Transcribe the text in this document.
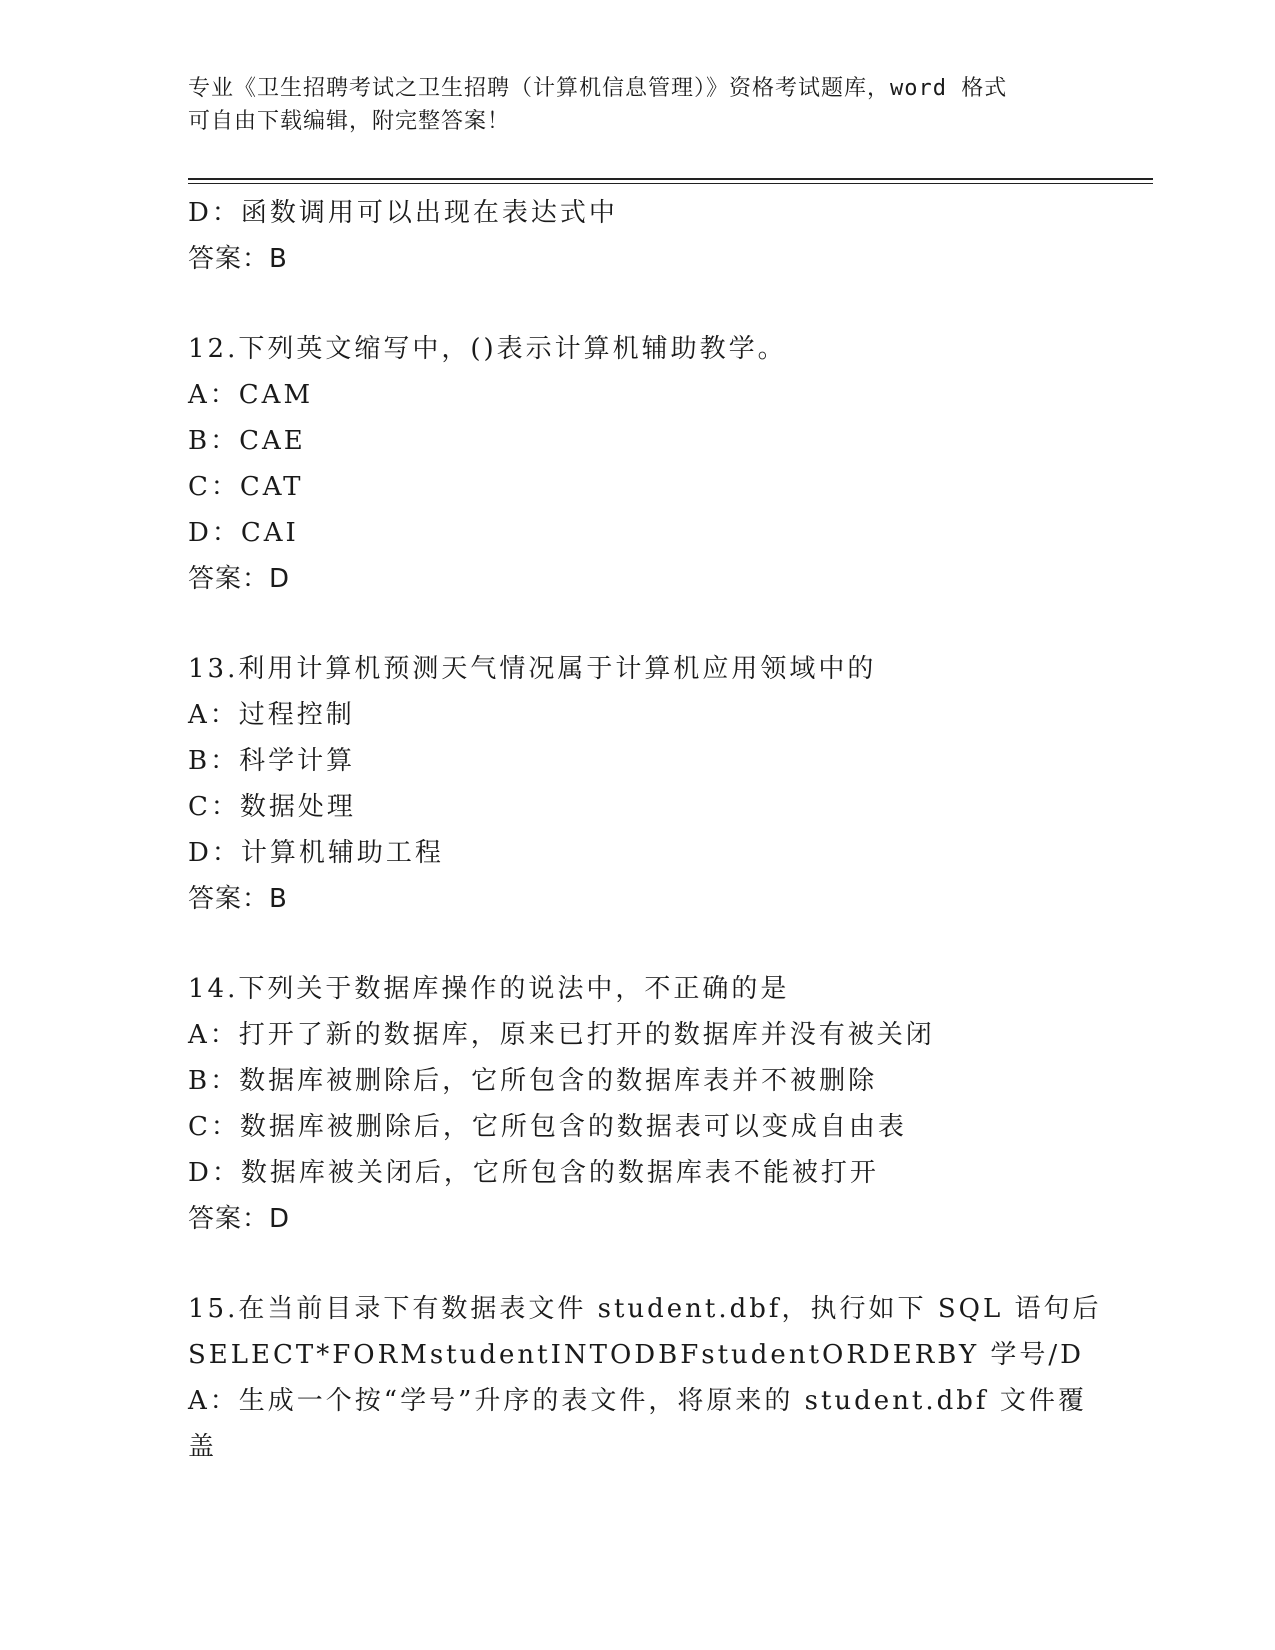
专业《卫生招聘考试之卫生招聘（计算机信息管理）》资格考试题库，word 格式
可自由下载编辑，附完整答案！
D：函数调用可以出现在表达式中
答案：B
12.下列英文缩写中，()表示计算机辅助教学。
A：CAM
B：CAE
C：CAT
D：CAI
答案：D
13.利用计算机预测天气情况属于计算机应用领域中的
A：过程控制
B：科学计算
C：数据处理
D：计算机辅助工程
答案：B
14.下列关于数据库操作的说法中，不正确的是
A：打开了新的数据库，原来已打开的数据库并没有被关闭
B：数据库被删除后，它所包含的数据库表并不被删除
C：数据库被删除后，它所包含的数据表可以变成自由表
D：数据库被关闭后，它所包含的数据库表不能被打开
答案：D
15.在当前目录下有数据表文件 student.dbf，执行如下 SQL 语句后
SELECT*FORMstudentINTODBFstudentORDERBY 学号/D
A：生成一个按“学号”升序的表文件，将原来的 student.dbf 文件覆盖
